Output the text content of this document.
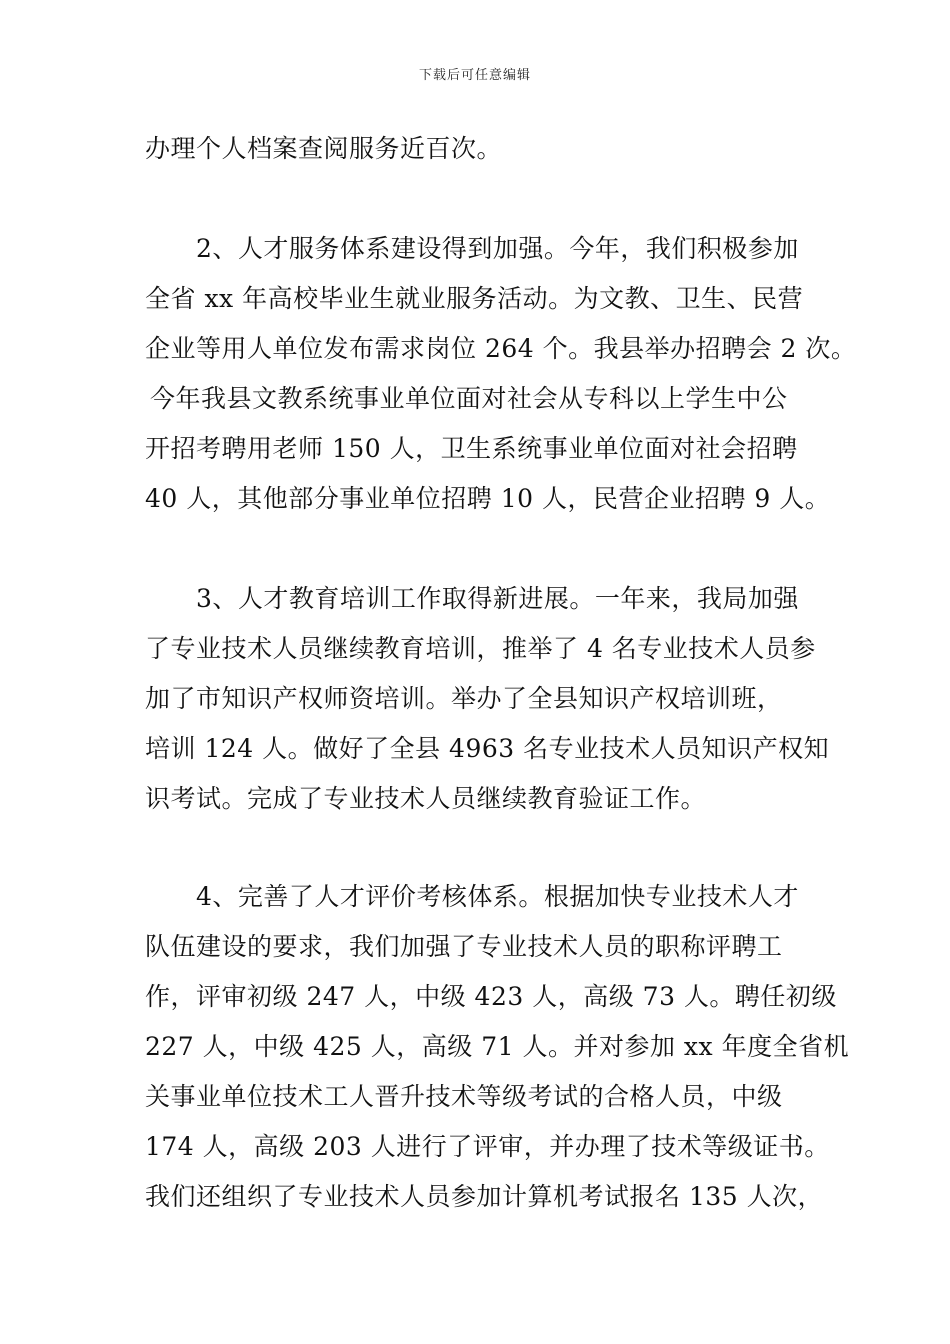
下载后可任意编辑
办理个人档案查阅服务近百次。
2、人才服务体系建设得到加强。今年，我们积极参加
全省 xx 年高校毕业生就业服务活动。为文教、卫生、民营
企业等用人单位发布需求岗位 264 个。我县举办招聘会 2 次。
今年我县文教系统事业单位面对社会从专科以上学生中公
开招考聘用老师 150 人，卫生系统事业单位面对社会招聘
40 人，其他部分事业单位招聘 10 人，民营企业招聘 9 人。
3、人才教育培训工作取得新进展。一年来，我局加强
了专业技术人员继续教育培训，推举了 4 名专业技术人员参
加了市知识产权师资培训。举办了全县知识产权培训班，
培训 124 人。做好了全县 4963 名专业技术人员知识产权知
识考试。完成了专业技术人员继续教育验证工作。
4、完善了人才评价考核体系。根据加快专业技术人才
队伍建设的要求，我们加强了专业技术人员的职称评聘工
作，评审初级 247 人，中级 423 人，高级 73 人。聘任初级
227 人，中级 425 人，高级 71 人。并对参加 xx 年度全省机
关事业单位技术工人晋升技术等级考试的合格人员，中级
174 人，高级 203 人进行了评审，并办理了技术等级证书。
我们还组织了专业技术人员参加计算机考试报名 135 人次，
